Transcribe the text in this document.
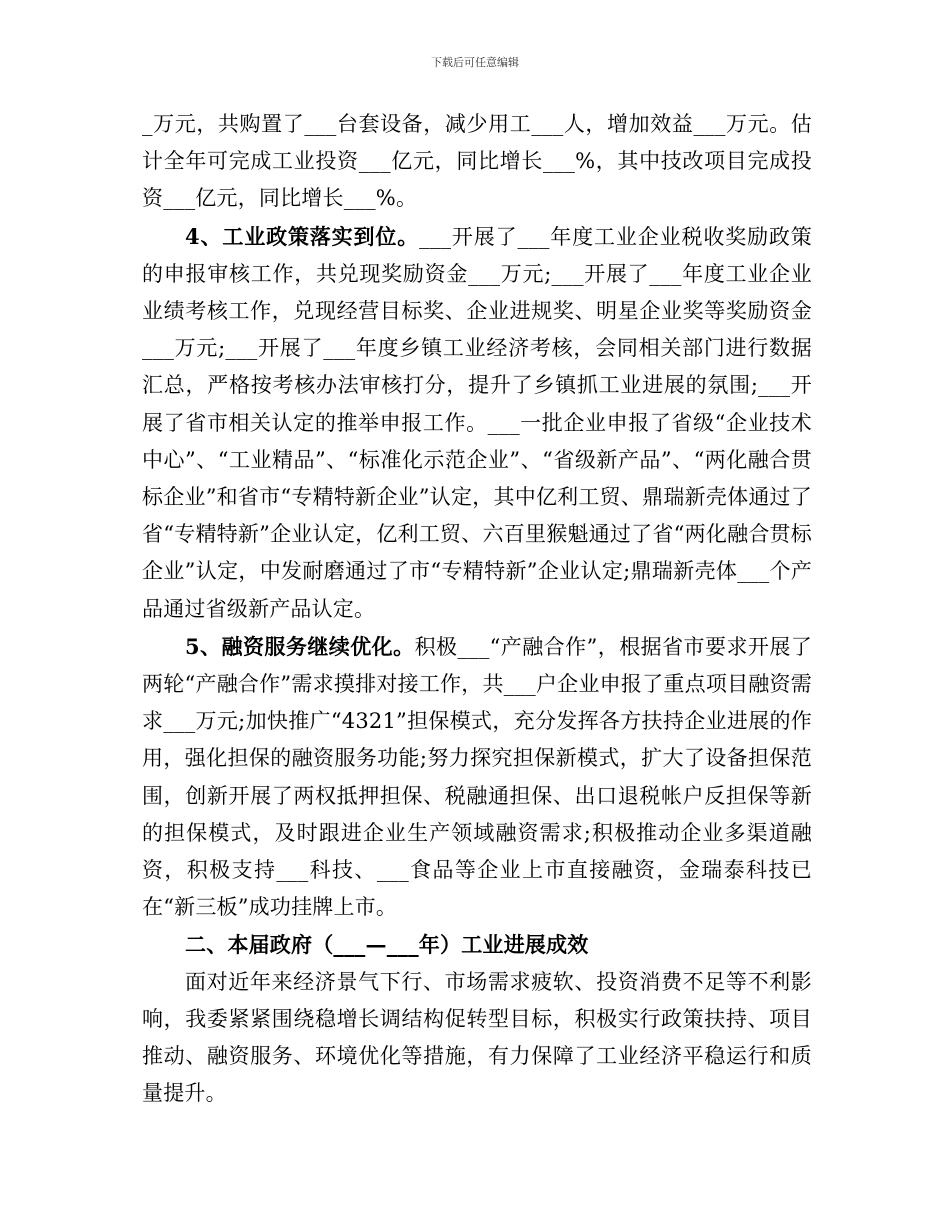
下载后可任意编辑

_万元，共购置了___台套设备，减少用工___人，增加效益___万元。估计全年可完成工业投资___亿元，同比增长___%，其中技改项目完成投资___亿元，同比增长___%。

4、工业政策落实到位。___开展了___年度工业企业税收奖励政策的申报审核工作，共兑现奖励资金___万元;___开展了___年度工业企业业绩考核工作，兑现经营目标奖、企业进规奖、明星企业奖等奖励资金___万元;___开展了___年度乡镇工业经济考核，会同相关部门进行数据汇总，严格按考核办法审核打分，提升了乡镇抓工业进展的氛围;___开展了省市相关认定的推举申报工作。___一批企业申报了省级“企业技术中心”、“工业精品”、“标准化示范企业”、“省级新产品”、“两化融合贯标企业”和省市“专精特新企业”认定，其中亿利工贸、鼎瑞新壳体通过了省“专精特新”企业认定，亿利工贸、六百里猴魁通过了省“两化融合贯标企业”认定，中发耐磨通过了市“专精特新”企业认定;鼎瑞新壳体___个产品通过省级新产品认定。

5、融资服务继续优化。积极___“产融合作”，根据省市要求开展了两轮“产融合作”需求摸排对接工作，共___户企业申报了重点项目融资需求___万元;加快推广“4321”担保模式，充分发挥各方扶持企业进展的作用，强化担保的融资服务功能;努力探究担保新模式，扩大了设备担保范围，创新开展了两权抵押担保、税融通担保、出口退税帐户反担保等新的担保模式，及时跟进企业生产领域融资需求;积极推动企业多渠道融资，积极支持___科技、___食品等企业上市直接融资，金瑞泰科技已在“新三板”成功挂牌上市。

二、本届政府（___—___年）工业进展成效

面对近年来经济景气下行、市场需求疲软、投资消费不足等不利影响，我委紧紧围绕稳增长调结构促转型目标，积极实行政策扶持、项目推动、融资服务、环境优化等措施，有力保障了工业经济平稳运行和质量提升。
